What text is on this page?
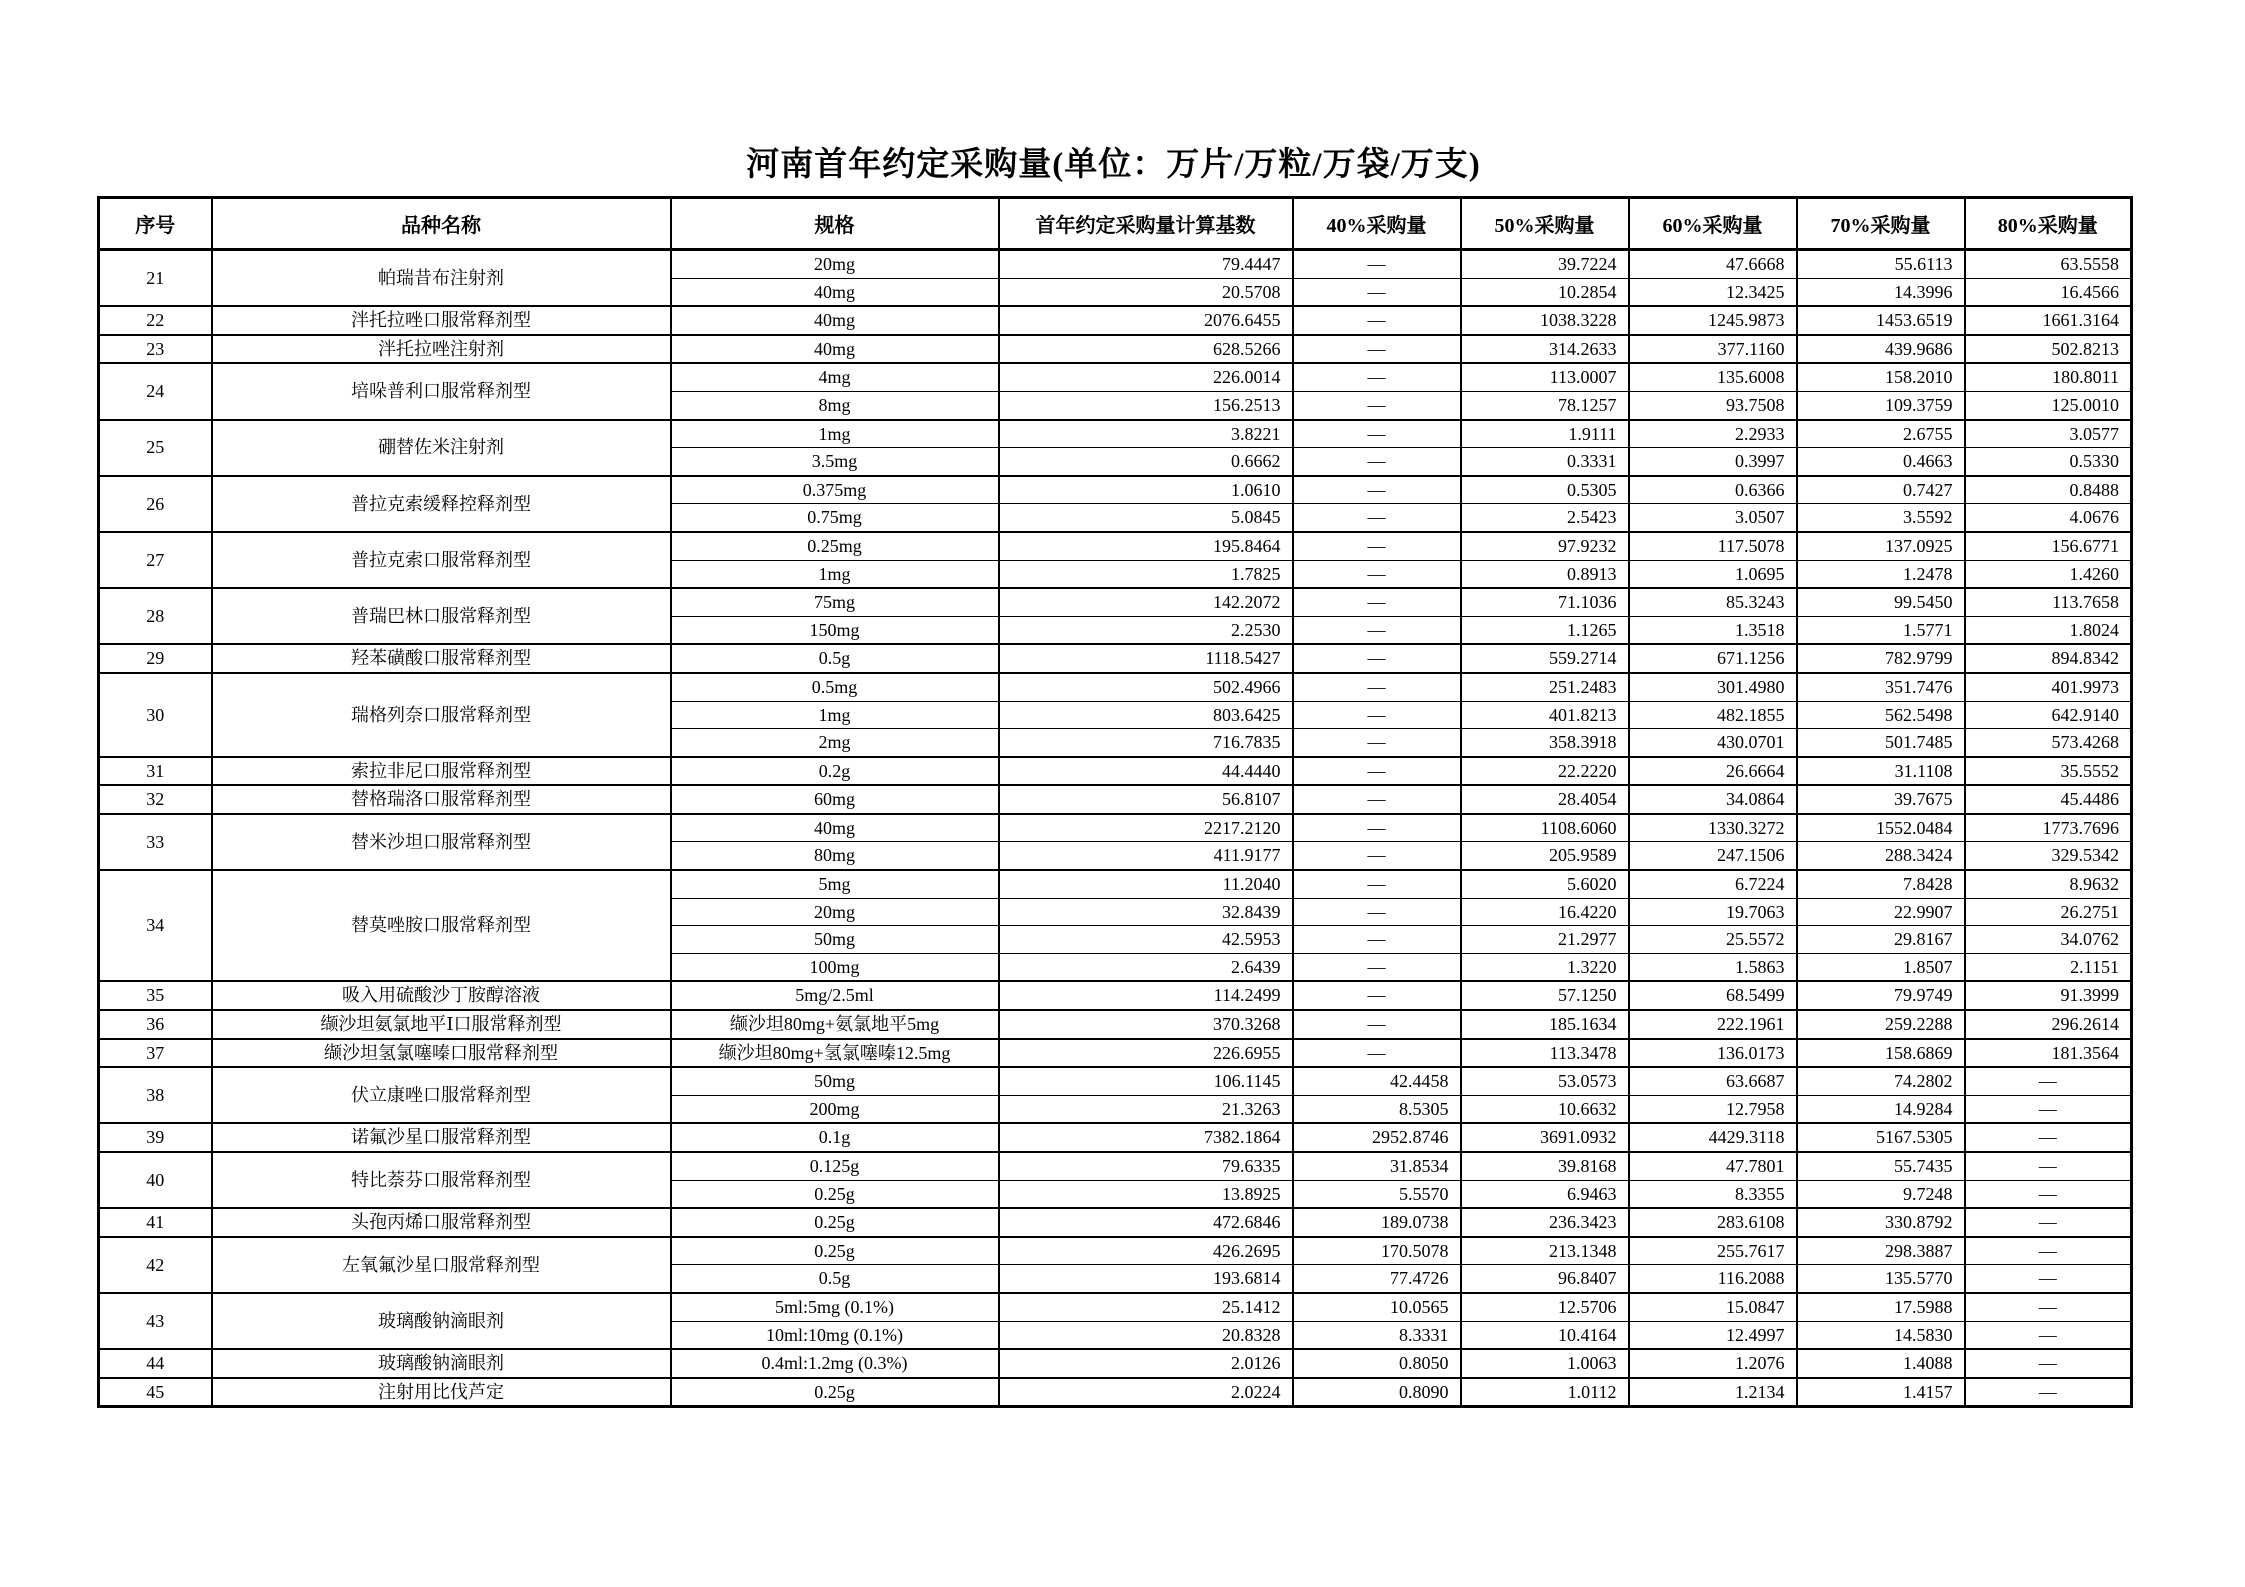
河南首年约定采购量(单位：万片/万粒/万袋/万支)
序号	品种名称	规格	首年约定采购量计算基数	40%采购量	50%采购量	60%采购量	70%采购量	80%采购量
21	帕瑞昔布注射剂	20mg	79.4447	—	39.7224	47.6668	55.6113	63.5558
		40mg	20.5708	—	10.2854	12.3425	14.3996	16.4566
22	泮托拉唑口服常释剂型	40mg	2076.6455	—	1038.3228	1245.9873	1453.6519	1661.3164
23	泮托拉唑注射剂	40mg	628.5266	—	314.2633	377.1160	439.9686	502.8213
24	培哚普利口服常释剂型	4mg	226.0014	—	113.0007	135.6008	158.2010	180.8011
		8mg	156.2513	—	78.1257	93.7508	109.3759	125.0010
25	硼替佐米注射剂	1mg	3.8221	—	1.9111	2.2933	2.6755	3.0577
		3.5mg	0.6662	—	0.3331	0.3997	0.4663	0.5330
26	普拉克索缓释控释剂型	0.375mg	1.0610	—	0.5305	0.6366	0.7427	0.8488
		0.75mg	5.0845	—	2.5423	3.0507	3.5592	4.0676
27	普拉克索口服常释剂型	0.25mg	195.8464	—	97.9232	117.5078	137.0925	156.6771
		1mg	1.7825	—	0.8913	1.0695	1.2478	1.4260
28	普瑞巴林口服常释剂型	75mg	142.2072	—	71.1036	85.3243	99.5450	113.7658
		150mg	2.2530	—	1.1265	1.3518	1.5771	1.8024
29	羟苯磺酸口服常释剂型	0.5g	1118.5427	—	559.2714	671.1256	782.9799	894.8342
30	瑞格列奈口服常释剂型	0.5mg	502.4966	—	251.2483	301.4980	351.7476	401.9973
		1mg	803.6425	—	401.8213	482.1855	562.5498	642.9140
		2mg	716.7835	—	358.3918	430.0701	501.7485	573.4268
31	索拉非尼口服常释剂型	0.2g	44.4440	—	22.2220	26.6664	31.1108	35.5552
32	替格瑞洛口服常释剂型	60mg	56.8107	—	28.4054	34.0864	39.7675	45.4486
33	替米沙坦口服常释剂型	40mg	2217.2120	—	1108.6060	1330.3272	1552.0484	1773.7696
		80mg	411.9177	—	205.9589	247.1506	288.3424	329.5342
34	替莫唑胺口服常释剂型	5mg	11.2040	—	5.6020	6.7224	7.8428	8.9632
		20mg	32.8439	—	16.4220	19.7063	22.9907	26.2751
		50mg	42.5953	—	21.2977	25.5572	29.8167	34.0762
		100mg	2.6439	—	1.3220	1.5863	1.8507	2.1151
35	吸入用硫酸沙丁胺醇溶液	5mg/2.5ml	114.2499	—	57.1250	68.5499	79.9749	91.3999
36	缬沙坦氨氯地平Ⅰ口服常释剂型	缬沙坦80mg+氨氯地平5mg	370.3268	—	185.1634	222.1961	259.2288	296.2614
37	缬沙坦氢氯噻嗪口服常释剂型	缬沙坦80mg+氢氯噻嗪12.5mg	226.6955	—	113.3478	136.0173	158.6869	181.3564
38	伏立康唑口服常释剂型	50mg	106.1145	42.4458	53.0573	63.6687	74.2802	—
		200mg	21.3263	8.5305	10.6632	12.7958	14.9284	—
39	诺氟沙星口服常释剂型	0.1g	7382.1864	2952.8746	3691.0932	4429.3118	5167.5305	—
40	特比萘芬口服常释剂型	0.125g	79.6335	31.8534	39.8168	47.7801	55.7435	—
		0.25g	13.8925	5.5570	6.9463	8.3355	9.7248	—
41	头孢丙烯口服常释剂型	0.25g	472.6846	189.0738	236.3423	283.6108	330.8792	—
42	左氧氟沙星口服常释剂型	0.25g	426.2695	170.5078	213.1348	255.7617	298.3887	—
		0.5g	193.6814	77.4726	96.8407	116.2088	135.5770	—
43	玻璃酸钠滴眼剂	5ml:5mg (0.1%)	25.1412	10.0565	12.5706	15.0847	17.5988	—
		10ml:10mg (0.1%)	20.8328	8.3331	10.4164	12.4997	14.5830	—
44	玻璃酸钠滴眼剂	0.4ml:1.2mg (0.3%)	2.0126	0.8050	1.0063	1.2076	1.4088	—
45	注射用比伐芦定	0.25g	2.0224	0.8090	1.0112	1.2134	1.4157	—
